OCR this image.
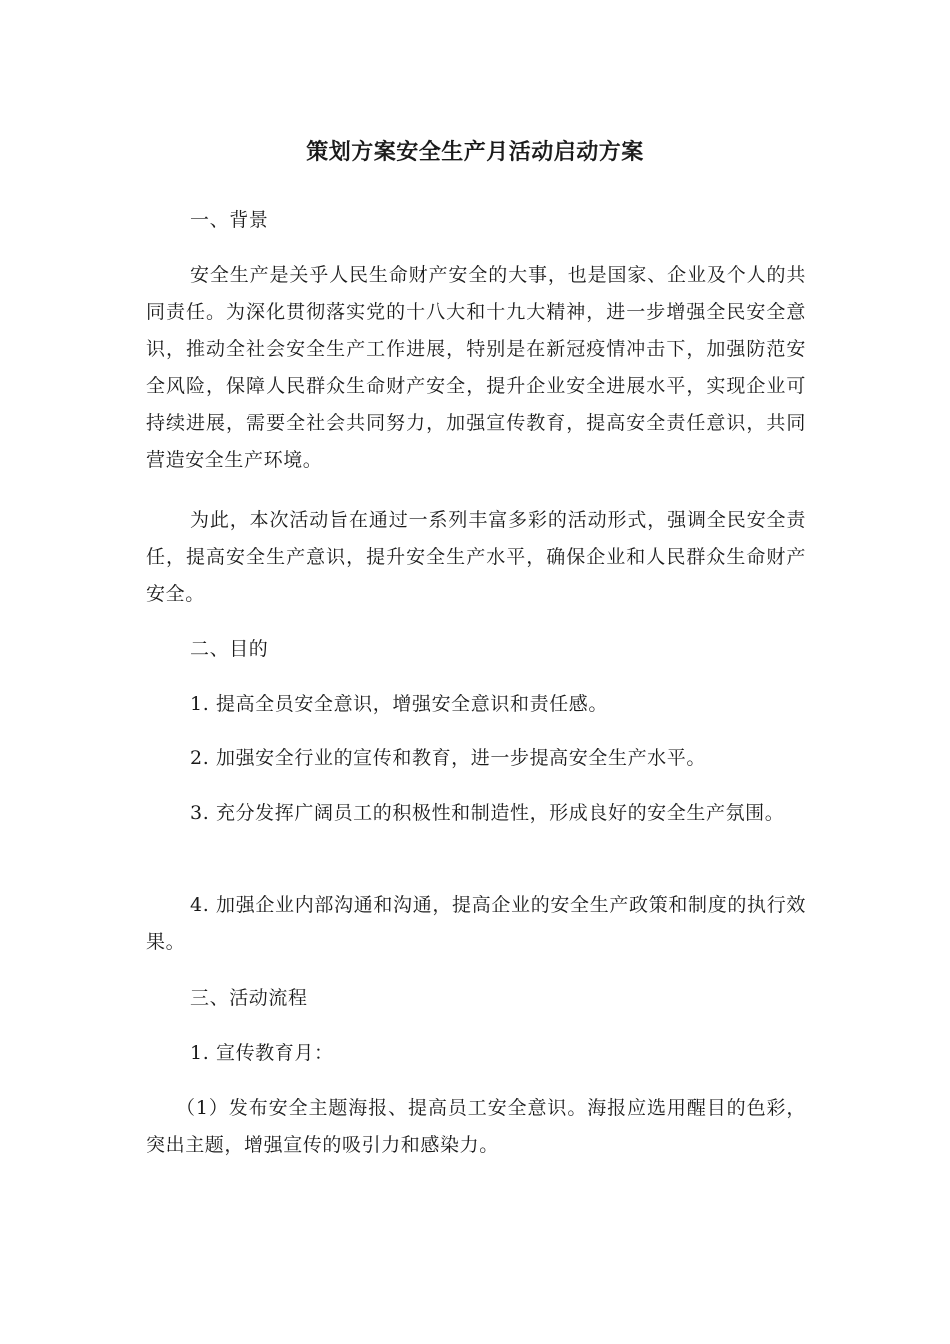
策划方案安全生产月活动启动方案

一、背景

安全生产是关乎人民生命财产安全的大事，也是国家、企业及个人的共同责任。为深化贯彻落实党的十八大和十九大精神，进一步增强全民安全意识，推动全社会安全生产工作进展，特别是在新冠疫情冲击下，加强防范安全风险，保障人民群众生命财产安全，提升企业安全进展水平，实现企业可持续进展，需要全社会共同努力，加强宣传教育，提高安全责任意识，共同营造安全生产环境。

为此，本次活动旨在通过一系列丰富多彩的活动形式，强调全民安全责任，提高安全生产意识，提升安全生产水平，确保企业和人民群众生命财产安全。

二、目的

1. 提高全员安全意识，增强安全意识和责任感。

2. 加强安全行业的宣传和教育，进一步提高安全生产水平。

3. 充分发挥广阔员工的积极性和制造性，形成良好的安全生产氛围。

4. 加强企业内部沟通和沟通，提高企业的安全生产政策和制度的执行效果。

三、活动流程

1. 宣传教育月：

（1）发布安全主题海报、提高员工安全意识。海报应选用醒目的色彩，突出主题，增强宣传的吸引力和感染力。
